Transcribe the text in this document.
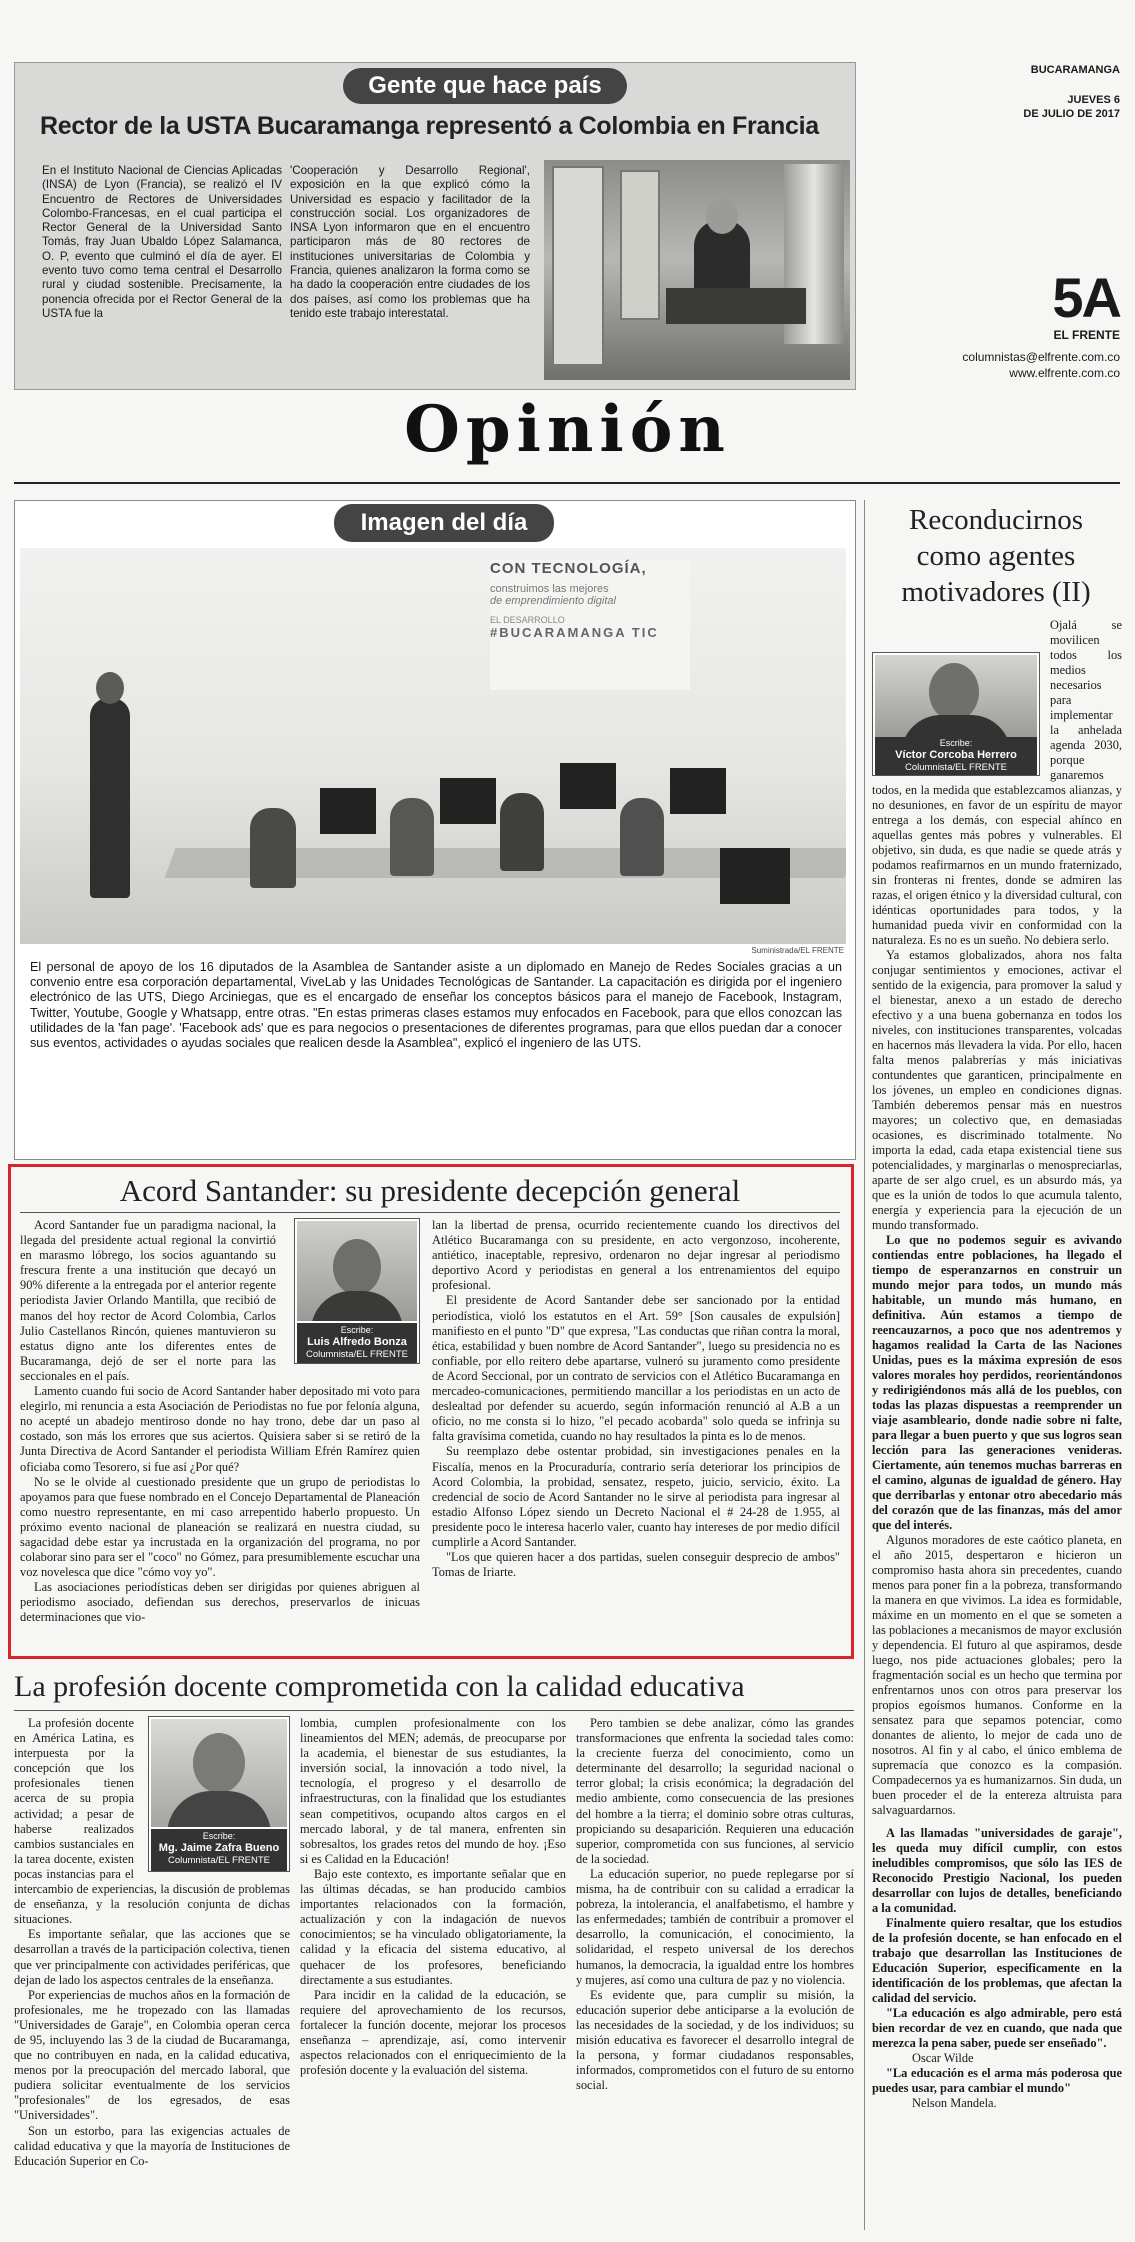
Gente que hace país
Rector de la USTA Bucaramanga representó a Colombia en Francia
En el Instituto Nacional de Ciencias Aplicadas (INSA) de Lyon (Francia), se realizó el IV Encuentro de Rectores de Universidades Colombo-Francesas, en el cual participa el Rector General de la Universidad Santo Tomás, fray Juan Ubaldo López Salamanca, O. P, evento que culminó el día de ayer. El evento tuvo como tema central el Desarrollo rural y ciudad sostenible. Precisamente, la ponencia ofrecida por el Rector General de la USTA fue la
'Cooperación y Desarrollo Regional', exposición en la que explicó cómo la Universidad es espacio y facilitador de la construcción social. Los organizadores de INSA Lyon informaron que en el encuentro participaron más de 80 rectores de instituciones universitarias de Colombia y Francia, quienes analizaron la forma como se ha dado la cooperación entre ciudades de los dos países, así como los problemas que ha tenido este trabajo interestatal.
BUCARAMANGA
JUEVES 6
DE JULIO DE 2017
5A
EL FRENTE
columnistas@elfrente.com.co
www.elfrente.com.co
Opinión
Imagen del día
CON TECNOLOGÍA,
construimos las mejores
de emprendimiento digital
EL DESARROLLO
#BUCARAMANGA TIC
Suministrada/EL FRENTE
El personal de apoyo de los 16 diputados de la Asamblea de Santander asiste a un diplomado en Manejo de Redes Sociales gracias a un convenio entre esa corporación departamental, ViveLab y las Unidades Tecnológicas de Santander. La capacitación es dirigida por el ingeniero electrónico de las UTS, Diego Arciniegas, que es el encargado de enseñar los conceptos básicos para el manejo de Facebook, Instagram, Twitter, Youtube, Google y Whatsapp, entre otras. "En estas primeras clases estamos muy enfocados en Facebook, para que ellos conozcan las utilidades de la 'fan page'. 'Facebook ads' que es para negocios o presentaciones de diferentes programas, para que ellos puedan dar a conocer sus eventos, actividades o ayudas sociales que realicen desde la Asamblea", explicó el ingeniero de las UTS.
Acord Santander: su presidente decepción general

Acord Santander fue un paradigma nacional, la llegada del presidente actual regional la convirtió en marasmo lóbrego, los socios aguantando su frescura frente a una institución que decayó un 90% diferente a la entregada por el anterior regente periodista Javier Orlando Mantilla, que recibió de manos del hoy rector de Acord Colombia, Carlos Julio Castellanos Rincón, quienes mantuvieron su estatus digno ante los diferentes entes de Bucaramanga, dejó de ser el norte para las seccionales en el país.

Lamento cuando fui socio de Acord Santander haber depositado mi voto para elegirlo, mi renuncia a esta Asociación de Periodistas no fue por felonía alguna, no acepté un abadejo mentiroso donde no hay trono, debe dar un paso al costado, son más los errores que sus aciertos. Quisiera saber si se retiró de la Junta Directiva de Acord Santander el periodista William Efrén Ramírez quien oficiaba como Tesorero, si fue así ¿Por qué?

No se le olvide al cuestionado presidente que un grupo de periodistas lo apoyamos para que fuese nombrado en el Concejo Departamental de Planeación como nuestro representante, en mi caso arrepentido haberlo propuesto. Un próximo evento nacional de planeación se realizará en nuestra ciudad, su sagacidad debe estar ya incrustada en la organización del programa, no por colaborar sino para ser el "coco" no Gómez, para presumiblemente escuchar una voz novelesca que dice "cómo voy yo".

Las asociaciones periodísticas deben ser dirigidas por quienes abriguen al periodismo asociado, defiendan sus derechos, preservarlos de inicuas determinaciones que vio-

Escribe:
Luis Alfredo Bonza
Columnista/EL FRENTE

lan la libertad de prensa, ocurrido recientemente cuando los directivos del Atlético Bucaramanga con su presidente, en acto vergonzoso, incoherente, antiético, inaceptable, represivo, ordenaron no dejar ingresar al periodismo deportivo Acord y periodistas en general a los entrenamientos del equipo profesional.

El presidente de Acord Santander debe ser sancionado por la entidad periodística, violó los estatutos en el Art. 59° [Son causales de expulsión] manifiesto en el punto "D" que expresa, "Las conductas que riñan contra la moral, ética, estabilidad y buen nombre de Acord Santander", luego su presidencia no es confiable, por ello reitero debe apartarse, vulneró su juramento como presidente de Acord Seccional, por un contrato de servicios con el Atlético Bucaramanga en mercadeo-comunicaciones, permitiendo mancillar a los periodistas en un acto de deslealtad por defender su acuerdo, según información renunció al A.B a un oficio, no me consta si lo hizo, "el pecado acobarda" solo queda se infrinja su falta gravísima cometida, cuando no hay resultados la pinta es lo de menos.

Su reemplazo debe ostentar probidad, sin investigaciones penales en la Fiscalía, menos en la Procuraduría, contrario sería deteriorar los principios de Acord Colombia, la probidad, sensatez, respeto, juicio, servicio, éxito. La credencial de socio de Acord Santander no le sirve al periodista para ingresar al estadio Alfonso López siendo un Decreto Nacional el # 24-28 de 1.955, al presidente poco le interesa hacerlo valer, cuanto hay intereses de por medio difícil cumplirle a Acord Santander.

"Los que quieren hacer a dos partidas, suelen conseguir desprecio de ambos" Tomas de Iriarte.

La profesión docente comprometida con la calidad educativa

La profesión docente en América Latina, es interpuesta por la concepción que los profesionales tienen acerca de su propia actividad; a pesar de haberse realizados cambios sustanciales en la tarea docente, existen pocas instancias para el intercambio de experiencias, la discusión de problemas de enseñanza, y la resolución conjunta de dichas situaciones.

Es importante señalar, que las acciones que se desarrollan a través de la participación colectiva, tienen que ver principalmente con actividades periféricas, que dejan de lado los aspectos centrales de la enseñanza.

Por experiencias de muchos años en la formación de profesionales, me he tropezado con las llamadas "Universidades de Garaje", en Colombia operan cerca de 95, incluyendo las 3 de la ciudad de Bucaramanga, que no contribuyen en nada, en la calidad educativa, menos por la preocupación del mercado laboral, que pudiera solicitar eventualmente de los servicios "profesionales" de los egresados, de esas "Universidades".

Son un estorbo, para las exigencias actuales de calidad educativa y que la mayoría de Instituciones de Educación Superior en Co-

Escribe:
Mg. Jaime Zafra Bueno
Columnista/EL FRENTE

lombia, cumplen profesionalmente con los lineamientos del MEN; además, de preocuparse por la academia, el bienestar de sus estudiantes, la inversión social, la innovación a todo nivel, la tecnología, el progreso y el desarrollo de infraestructuras, con la finalidad que los estudiantes sean competitivos, ocupando altos cargos en el mercado laboral, y de tal manera, enfrenten sin sobresaltos, los grades retos del mundo de hoy. ¡Eso si es Calidad en la Educación!

Bajo este contexto, es importante señalar que en las últimas décadas, se han producido cambios importantes relacionados con la formación, actualización y con la indagación de nuevos conocimientos; se ha vinculado obligatoriamente, la calidad y la eficacia del sistema educativo, al quehacer de los profesores, beneficiando directamente a sus estudiantes.

Para incidir en la calidad de la educación, se requiere del aprovechamiento de los recursos, fortalecer la función docente, mejorar los procesos enseñanza – aprendizaje, así, como intervenir aspectos relacionados con el enriquecimiento de la profesión docente y la evaluación del sistema.

Pero tambien se debe analizar, cómo las grandes transformaciones que enfrenta la sociedad tales como: la creciente fuerza del conocimiento, como un determinante del desarrollo; la seguridad nacional o terror global; la crisis económica; la degradación del medio ambiente, como consecuencia de las presiones del hombre a la tierra; el dominio sobre otras culturas, propiciando su desaparición. Requieren una educación superior, comprometida con sus funciones, al servicio de la sociedad.

La educación superior, no puede replegarse por sí misma, ha de contribuir con su calidad a erradicar la pobreza, la intolerancia, el analfabetismo, el hambre y las enfermedades; también de contribuir a promover el desarrollo, la comunicación, el conocimiento, la solidaridad, el respeto universal de los derechos humanos, la democracia, la igualdad entre los hombres y mujeres, así como una cultura de paz y no violencia.

Es evidente que, para cumplir su misión, la educación superior debe anticiparse a la evolución de las necesidades de la sociedad, y de los individuos; su misión educativa es favorecer el desarrollo integral de la persona, y formar ciudadanos responsables, informados, comprometidos con el futuro de su entorno social.

Reconducirnos
como agentes
motivadores (II)

Ojalá se movilicen todos los medios necesarios para implementar la anhelada agenda 2030, porque ganaremos todos, en la medida que establezcamos alianzas, y no desuniones, en favor de un espíritu de mayor entrega a los demás, con especial ahínco en aquellas gentes más pobres y vulnerables. El objetivo, sin duda, es que nadie se quede atrás y podamos reafirmarnos en un mundo fraternizado, sin fronteras ni frentes, donde se admiren las razas, el origen étnico y la diversidad cultural, con idénticas oportunidades para todos, y la humanidad pueda vivir en conformidad con la naturaleza. Es no es un sueño. No debiera serlo.

Ya estamos globalizados, ahora nos falta conjugar sentimientos y emociones, activar el sentido de la exigencia, para promover la salud y el bienestar, anexo a un estado de derecho efectivo y a una buena gobernanza en todos los niveles, con instituciones transparentes, volcadas en hacernos más llevadera la vida. Por ello, hacen falta menos palabrerías y más iniciativas contundentes que garanticen, principalmente en los jóvenes, un empleo en condiciones dignas. También deberemos pensar más en nuestros mayores; un colectivo que, en demasiadas ocasiones, es discriminado totalmente. No importa la edad, cada etapa existencial tiene sus potencialidades, y marginarlas o menospreciarlas, aparte de ser algo cruel, es un absurdo más, ya que es la unión de todos lo que acumula talento, energía y experiencia para la ejecución de un mundo transformado.

Lo que no podemos seguir es avivando contiendas entre poblaciones, ha llegado el tiempo de esperanzarnos en construir un mundo mejor para todos, un mundo más habitable, un mundo más humano, en definitiva. Aún estamos a tiempo de reencauzarnos, a poco que nos adentremos y hagamos realidad la Carta de las Naciones Unidas, pues es la máxima expresión de esos valores morales hoy perdidos, reorientándonos y redirigiéndonos más allá de los pueblos, con todas las plazas dispuestas a reemprender un viaje asambleario, donde nadie sobre ni falte, para llegar a buen puerto y que sus logros sean lección para las generaciones venideras. Ciertamente, aún tenemos muchas barreras en el camino, algunas de igualdad de género. Hay que derribarlas y entonar otro abecedario más del corazón que de las finanzas, más del amor que del interés.

Algunos moradores de este caótico planeta, en el año 2015, despertaron e hicieron un compromiso hasta ahora sin precedentes, cuando menos para poner fin a la pobreza, transformando la manera en que vivimos. La idea es formidable, máxime en un momento en el que se someten a las poblaciones a mecanismos de mayor exclusión y dependencia. El futuro al que aspiramos, desde luego, nos pide actuaciones globales; pero la fragmentación social es un hecho que termina por enfrentarnos unos con otros para preservar los propios egoísmos humanos. Conforme en la sensatez para que sepamos potenciar, como donantes de aliento, lo mejor de cada uno de nosotros. Al fin y al cabo, el único emblema de supremacía que conozco es la compasión. Compadecernos ya es humanizarnos. Sin duda, un buen proceder el de la entereza altruista para salvaguardarnos.

A las llamadas "universidades de garaje", les queda muy difícil cumplir, con estos ineludibles compromisos, que sólo las IES de Reconocido Prestigio Nacional, los pueden desarrollar con lujos de detalles, beneficiando a la comunidad.

Finalmente quiero resaltar, que los estudios de la profesión docente, se han enfocado en el trabajo que desarrollan las Instituciones de Educación Superior, especificamente en la identificación de los problemas, que afectan la calidad del servicio.

"La educación es algo admirable, pero está bien recordar de vez en cuando, que nada que merezca la pena saber, puede ser enseñado".

Oscar Wilde

"La educación es el arma más poderosa que puedes usar, para cambiar el mundo"

Nelson Mandela.

Escribe:
Víctor Corcoba Herrero
Columnista/EL FRENTE
